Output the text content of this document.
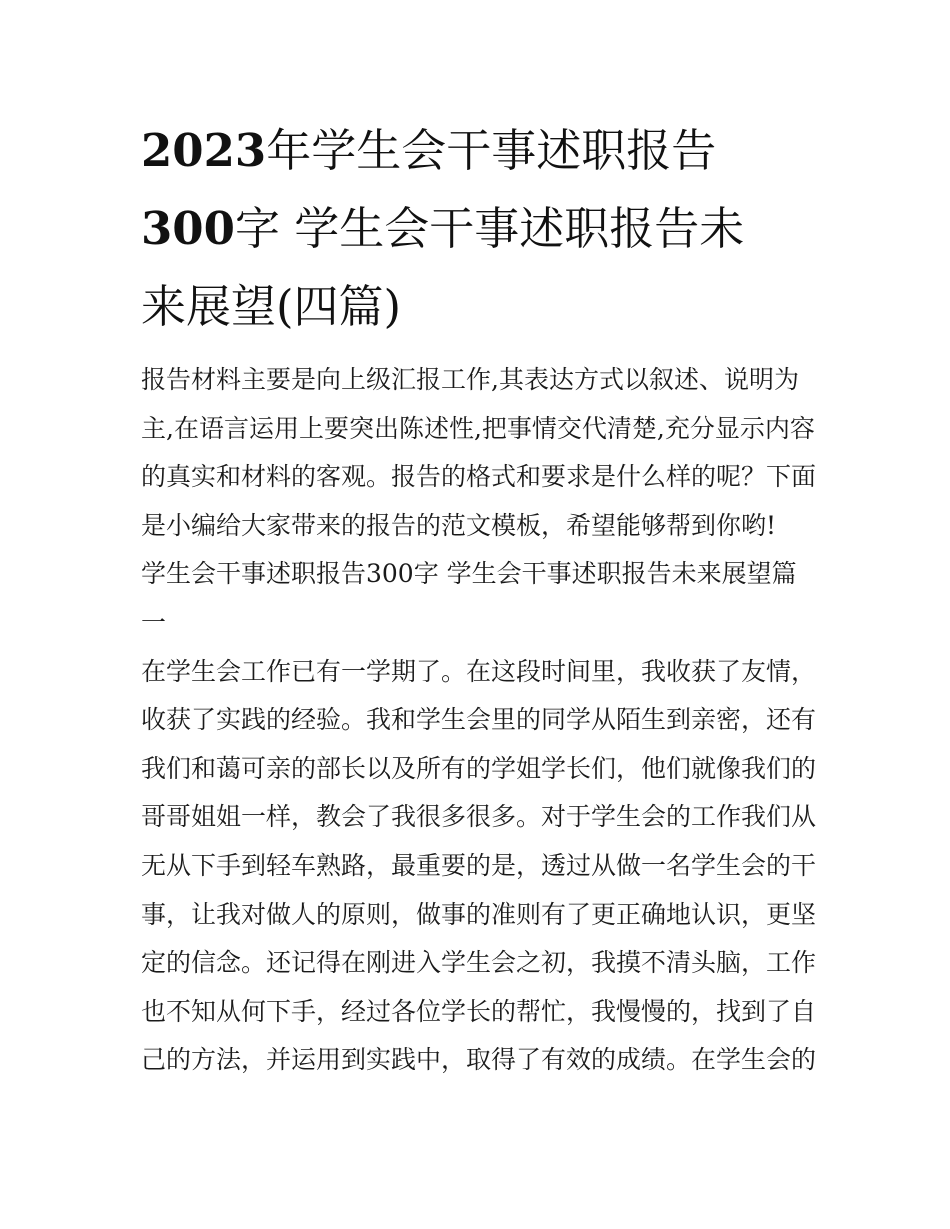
2023年学生会干事述职报告
300字 学生会干事述职报告未
来展望(四篇)

报告材料主要是向上级汇报工作,其表达方式以叙述、说明为主,在语言运用上要突出陈述性,把事情交代清楚,充分显示内容的真实和材料的客观。报告的格式和要求是什么样的呢？下面是小编给大家带来的报告的范文模板，希望能够帮到你哟!

学生会干事述职报告300字 学生会干事述职报告未来展望篇一

在学生会工作已有一学期了。在这段时间里，我收获了友情，收获了实践的经验。我和学生会里的同学从陌生到亲密，还有我们和蔼可亲的部长以及所有的学姐学长们，他们就像我们的哥哥姐姐一样，教会了我很多很多。对于学生会的工作我们从无从下手到轻车熟路，最重要的是，透过从做一名学生会的干事，让我对做人的原则，做事的准则有了更正确地认识，更坚定的信念。还记得在刚进入学生会之初，我摸不清头脑，工作也不知从何下手，经过各位学长的帮忙，我慢慢的，找到了自己的方法，并运用到实践中，取得了有效的成绩。在学生会的
